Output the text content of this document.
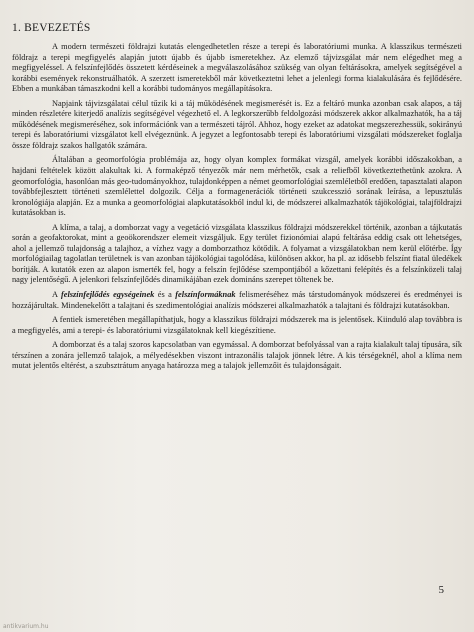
1. BEVEZETÉS

A modern természeti földrajzi kutatás elengedhetetlen része a terepi és laboratóriumi munka. A klasszikus természeti földrajz a terepi megfigyelés alapján jutott újabb és újabb ismeretekhez. Az elemző tájvizsgálat már nem elégedhet meg a megfigyeléssel. A felszínfejlődés összetett kérdéseinek a megválaszolásához szükség van olyan feltárásokra, amelyek segítségével a korábbi események rekonstruálhatók. A szerzett ismeretekből már következtetni lehet a jelenlegi forma kialakulására és fejlődésére. Ebben a munkában támaszkodni kell a korábbi tudományos megállapításokra.

Napjaink tájvizsgálatai célul tűzik ki a táj működésének megismerését is. Ez a feltáró munka azonban csak alapos, a táj minden részletére kiterjedő analízis segítségével végezhető el. A legkorszerűbb feldolgozási módszerek akkor alkalmazhatók, ha a táj működésének megismeréséhez, sok információnk van a természeti tájról. Ahhoz, hogy ezeket az adatokat megszerezhessük, sokirányú terepi és laboratóriumi vizsgálatot kell elvégeznünk. A jegyzet a legfontosabb terepi és laboratóriumi vizsgálati módszereket foglalja össze földrajz szakos hallgatók számára.

Általában a geomorfológia problémája az, hogy olyan komplex formákat vizsgál, amelyek korábbi időszakokban, a hajdani feltételek között alakultak ki. A formaképző tényezők már nem mérhetők, csak a reliefből következtethetünk azokra. A geomorfológia, hasonlóan más geo-tudományokhoz, tulajdonképpen a német geomorfológiai szemléletből eredően, tapasztalati alapon továbbfejlesztett történeti szemlélettel dolgozik. Célja a formagenerációk történeti szukcesszió sorának leírása, a lepusztulás kronológiája alapján. Ez a munka a geomorfológiai alapkutatásokból indul ki, de módszerei alkalmazhatók tájökológiai, talajföldrajzi kutatásokban is.

A klíma, a talaj, a domborzat vagy a vegetáció vizsgálata klasszikus földrajzi módszerekkel történik, azonban a tájkutatás során a geofaktorokat, mint a geoökorendszer elemeit vizsgáljuk. Egy terület fizionómiai alapú feltárása eddig csak ott lehetséges, ahol a jellemző tulajdonság a talajhoz, a vízhez vagy a domborzathoz kötődik. A folyamat a vizsgálatokban nem kerül előtérbe. Így morfológiailag tagolatlan területnek is van azonban tájökológiai tagolódása, különösen akkor, ha pl. az idősebb felszínt fiatal üledékek borítják. A kutatók ezen az alapon ismerték fel, hogy a felszín fejlődése szempontjából a kőzettani felépítés és a felszínközeli talaj nagy jelentőségű. A jelenkori felszínfejlődés dinamikájában ezek domináns szerepet töltenek be.

A felszínfejlődés egységeinek és a felszínformáknak felismeréséhez más társtudományok módszerei és eredményei is hozzájárultak. Mindenekelőtt a talajtani és szedimentológiai analízis módszerei alkalmazhatók a talajtani és földrajzi kutatásokban.

A fentiek ismeretében megállapíthatjuk, hogy a klasszikus földrajzi módszerek ma is jelentősek. Kiinduló alap továbbra is a megfigyelés, ami a terepi- és laboratóriumi vizsgálatoknak kell kiegészítiene.

A domborzat és a talaj szoros kapcsolatban van egymással. A domborzat befolyással van a rajta kialakult talaj típusára, sík térszínen a zonára jellemző talajok, a mélyedésekben viszont intrazonális talajok jönnek létre. A kis térségeknél, ahol a klíma nem mutat jelentős eltérést, a szubsztrátum anyaga határozza meg a talajok jellemzőit és tulajdonságait.

5
antikvarium.hu
